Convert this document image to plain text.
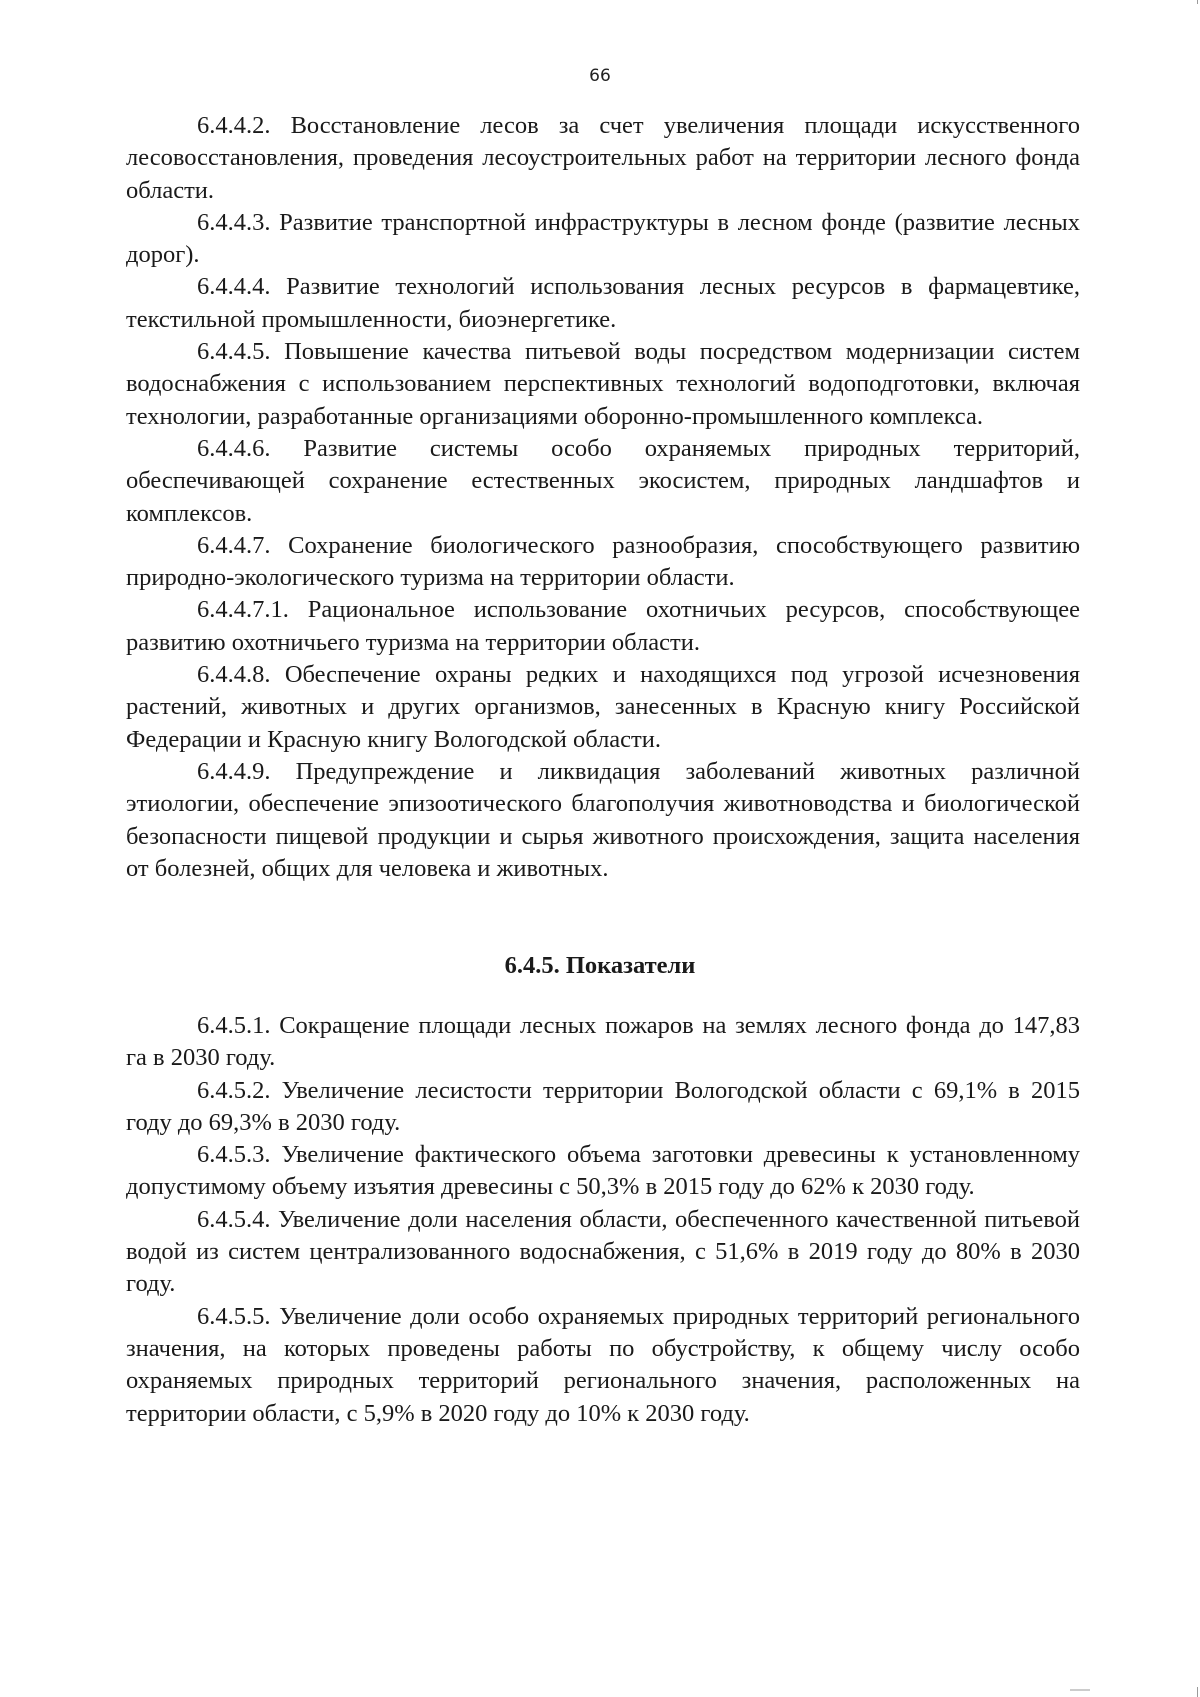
66

6.4.4.2. Восстановление лесов за счет увеличения площади искусственного лесовосстановления, проведения лесоустроительных работ на территории лесного фонда области.

6.4.4.3. Развитие транспортной инфраструктуры в лесном фонде (развитие лесных дорог).

6.4.4.4. Развитие технологий использования лесных ресурсов в фармацевтике, текстильной промышленности, биоэнергетике.

6.4.4.5. Повышение качества питьевой воды посредством модернизации систем водоснабжения с использованием перспективных технологий водоподготовки, включая технологии, разработанные организациями оборонно-промышленного комплекса.

6.4.4.6. Развитие системы особо охраняемых природных территорий, обеспечивающей сохранение естественных экосистем, природных ландшафтов и комплексов.

6.4.4.7. Сохранение биологического разнообразия, способствующего развитию природно-экологического туризма на территории области.

6.4.4.7.1. Рациональное использование охотничьих ресурсов, способствующее развитию охотничьего туризма на территории области.

6.4.4.8. Обеспечение охраны редких и находящихся под угрозой исчезновения растений, животных и других организмов, занесенных в Красную книгу Российской Федерации и Красную книгу Вологодской области.

6.4.4.9. Предупреждение и ликвидация заболеваний животных различной этиологии, обеспечение эпизоотического благополучия животноводства и биологической безопасности пищевой продукции и сырья животного происхождения, защита населения от болезней, общих для человека и животных.

6.4.5. Показатели

6.4.5.1. Сокращение площади лесных пожаров на землях лесного фонда до 147,83 га в 2030 году.

6.4.5.2. Увеличение лесистости территории Вологодской области с 69,1% в 2015 году до 69,3% в 2030 году.

6.4.5.3. Увеличение фактического объема заготовки древесины к установленному допустимому объему изъятия древесины с 50,3% в 2015 году до 62% к 2030 году.

6.4.5.4. Увеличение доли населения области, обеспеченного качественной питьевой водой из систем централизованного водоснабжения, с 51,6% в 2019 году до 80% в 2030 году.

6.4.5.5. Увеличение доли особо охраняемых природных территорий регионального значения, на которых проведены работы по обустройству, к общему числу особо охраняемых природных территорий регионального значения, расположенных на территории области, с 5,9% в 2020 году до 10% к 2030 году.
